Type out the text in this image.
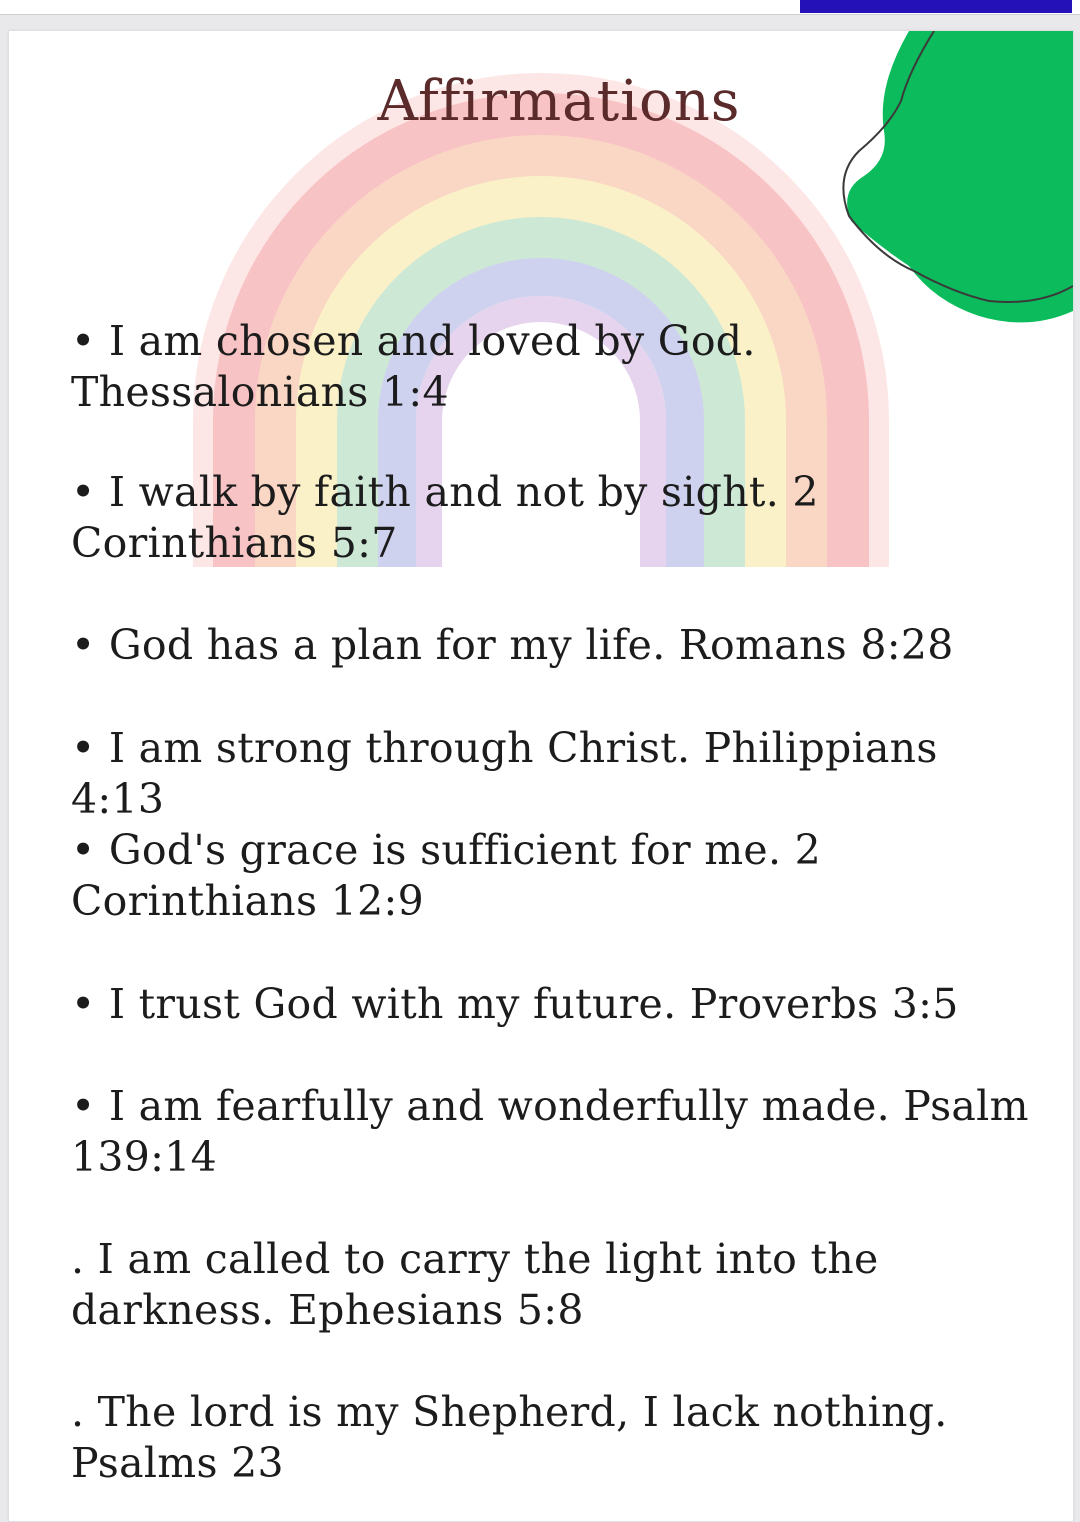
Affirmations
• I am chosen and loved by God. Thessalonians 1:4
• I walk by faith and not by sight. 2 Corinthians 5:7
• God has a plan for my life. Romans 8:28
• I am strong through Christ. Philippians 4:13
• God's grace is sufficient for me. 2 Corinthians 12:9
• I trust God with my future. Proverbs 3:5
• I am fearfully and wonderfully made. Psalm 139:14
. I am called to carry the light into the darkness. Ephesians 5:8
. The lord is my Shepherd, I lack nothing. Psalms 23
